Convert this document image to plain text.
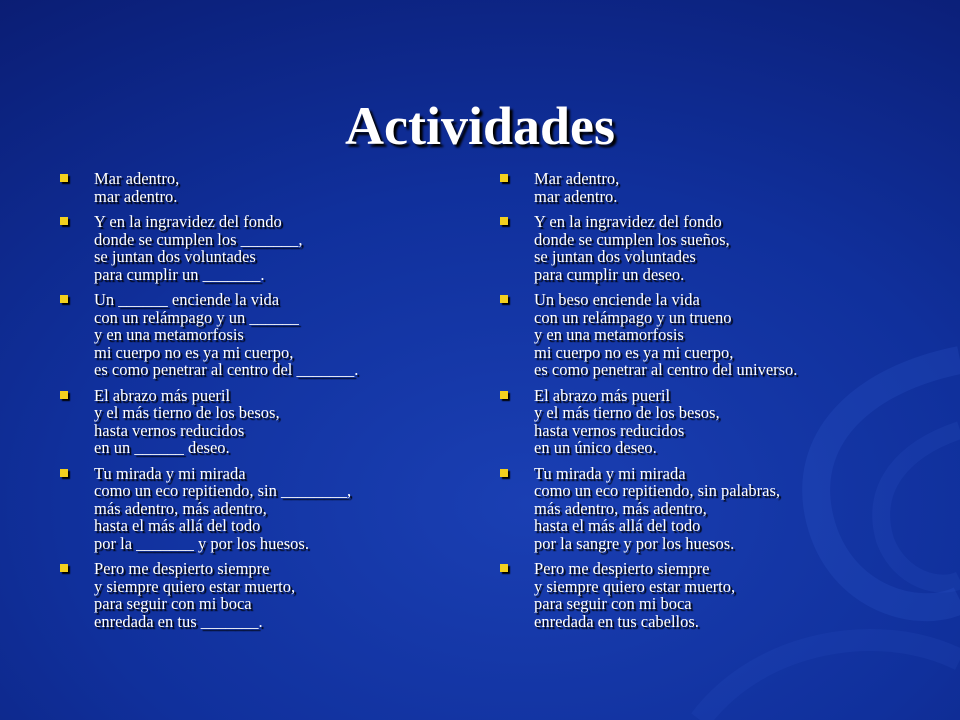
Actividades
Mar adentro,
mar adentro.
Y en la ingravidez del fondo
donde se cumplen los _______,
se juntan dos voluntades
para cumplir un _______.
Un ______ enciende la vida
con un relámpago y un ______
y en una metamorfosis
mi cuerpo no es ya mi cuerpo,
es como penetrar al centro del _______.
El abrazo más pueril
y el más tierno de los besos,
hasta vernos reducidos
en un ______ deseo.
Tu mirada y mi mirada
como un eco repitiendo, sin ________,
más adentro, más adentro,
hasta el más allá del todo
por la _______ y por los huesos.
Pero me despierto siempre
y siempre quiero estar muerto,
para seguir con mi boca
enredada en tus _______.
Mar adentro,
mar adentro.
Y en la ingravidez del fondo
donde se cumplen los sueños,
se juntan dos voluntades
para cumplir un deseo.
Un beso enciende la vida
con un relámpago y un trueno
y en una metamorfosis
mi cuerpo no es ya mi cuerpo,
es como penetrar al centro del universo.
El abrazo más pueril
y el más tierno de los besos,
hasta vernos reducidos
en un único deseo.
Tu mirada y mi mirada
como un eco repitiendo, sin palabras,
más adentro, más adentro,
hasta el más allá del todo
por la sangre y por los huesos.
Pero me despierto siempre
y siempre quiero estar muerto,
para seguir con mi boca
enredada en tus cabellos.
